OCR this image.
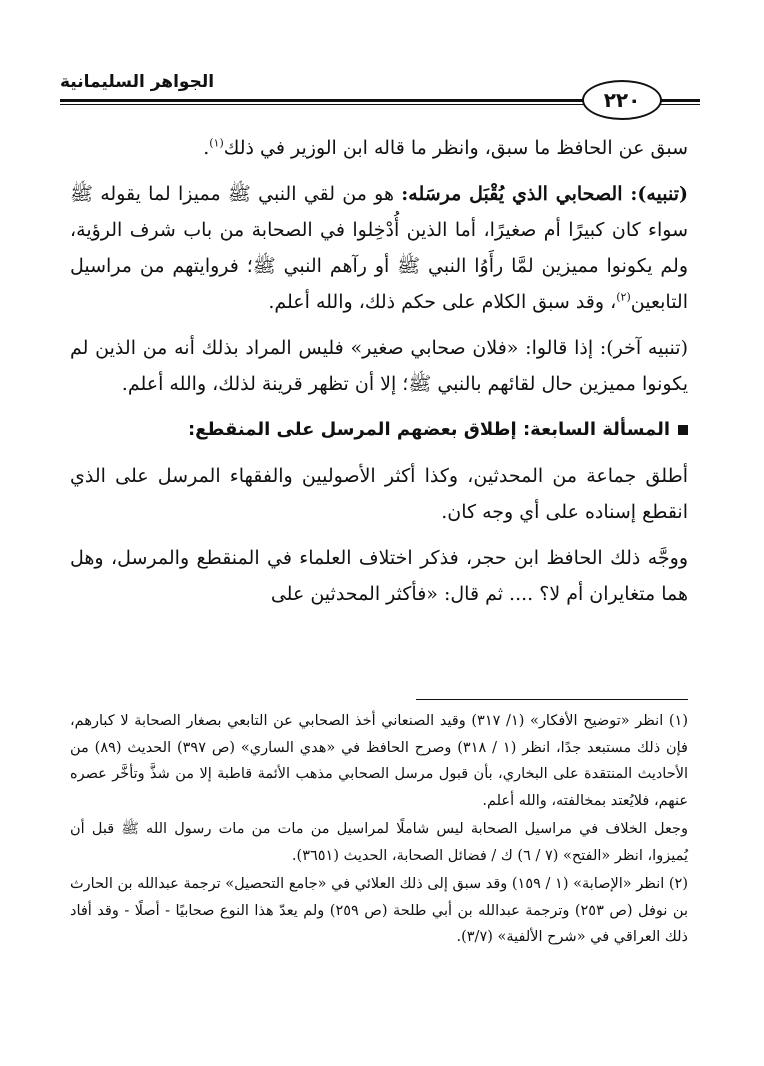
الجواهر السليمانية
٢٢٠

سبق عن الحافظ ما سبق، وانظر ما قاله ابن الوزير في ذلك$^{(١)}$.

(تنبيه): الصحابي الذي يُقْبَل مرسَله: هو من لقي النبي ﷺ مميزا لما يقوله ﷺ سواء كان كبيرًا أم صغيرًا، أما الذين أُدْخِلوا في الصحابة من باب شرف الرؤية، ولم يكونوا مميزين لمَّا رأَوُا النبي ﷺ أو رآهم النبي ﷺ؛ فروايتهم من مراسيل التابعين$^{(٢)}$، وقد سبق الكلام على حكم ذلك، والله أعلم.

(تنبيه آخر): إذا قالوا: «فلان صحابي صغير» فليس المراد بذلك أنه من الذين لم يكونوا مميزين حال لقائهم بالنبي ﷺ؛ إلا أن تظهر قرينة لذلك، والله أعلم.

المسألة السابعة: إطلاق بعضهم المرسل على المنقطع:

أطلق جماعة من المحدثين، وكذا أكثر الأصوليين والفقهاء المرسل على الذي انقطع إسناده على أي وجه كان.

ووجَّه ذلك الحافظ ابن حجر، فذكر اختلاف العلماء في المنقطع والمرسل، وهل هما متغايران أم لا؟ .... ثم قال: «فأكثر المحدثين على

(١) انظر «توضيح الأفكار» (١/ ٣١٧) وقيد الصنعاني أخذ الصحابي عن التابعي بصغار الصحابة لا كبارهم، فإن ذلك مستبعد جدًا، انظر (١ / ٣١٨) وصرح الحافظ في «هدي الساري» (ص ٣٩٧) الحديث (٨٩) من الأحاديث المنتقدة على البخاري، بأن قبول مرسل الصحابي مذهب الأئمة قاطبة إلا من شذَّ وتأخَّر عصره عنهم، فلايُعتد بمخالفته، والله أعلم.

وجعل الخلاف في مراسيل الصحابة ليس شاملًا لمراسيل من مات من مات رسول الله ﷺ قبل أن يُميزوا، انظر «الفتح» (٧ / ٦) ك / فضائل الصحابة، الحديث (٣٦٥١).

(٢) انظر «الإصابة» (١ / ١٥٩) وقد سبق إلى ذلك العلائي في «جامع التحصيل» ترجمة عبدالله بن الحارث بن نوفل (ص ٢٥٣) وترجمة عبدالله بن أبي طلحة (ص ٢٥٩) ولم يعدّ هذا النوع صحابيًا - أصلًا - وقد أفاد ذلك العراقي في «شرح الألفية» (٣/٧).
